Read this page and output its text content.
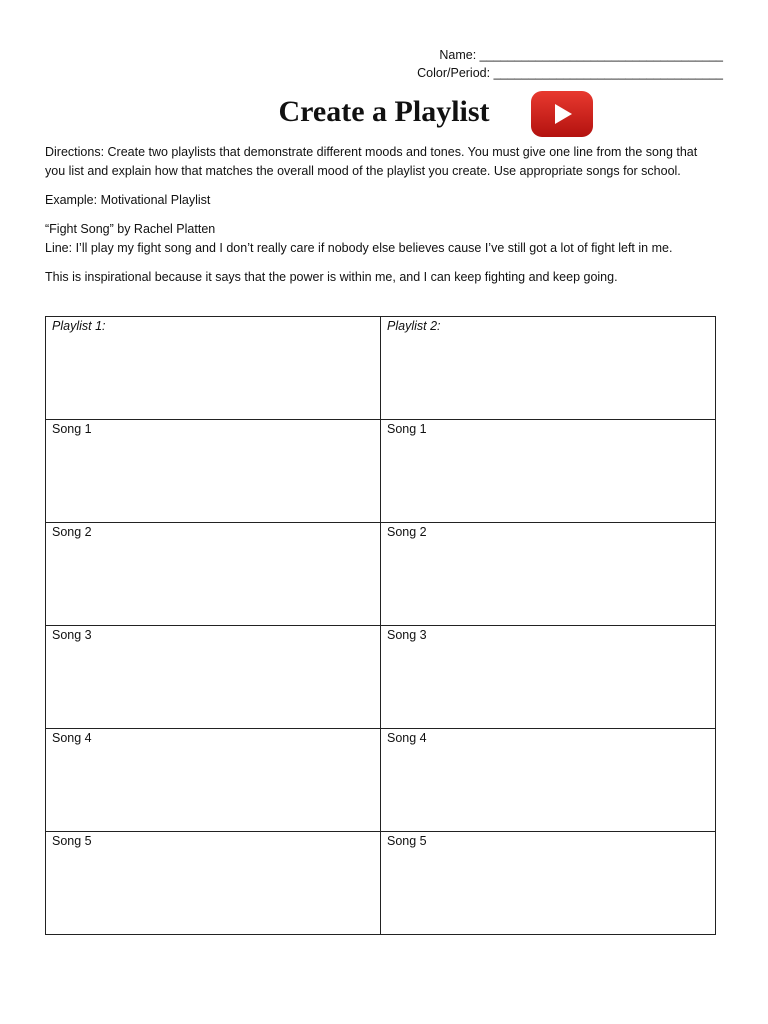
Name: ___________________________________
Color/Period: _________________________________
Create a Playlist

Directions: Create two playlists that demonstrate different moods and tones. You must give one line from the song that you list and explain how that matches the overall mood of the playlist you create. Use appropriate songs for school.

Example: Motivational Playlist

“Fight Song” by Rachel Platten

Line: I’ll play my fight song and I don’t really care if nobody else believes cause I’ve still got a lot of fight left in me.

This is inspirational because it says that the power is within me, and I can keep fighting and keep going.

Playlist 1:	Playlist 2:

Song 1	Song 1

Song 2	Song 2

Song 3	Song 3

Song 4	Song 4

Song 5	Song 5
